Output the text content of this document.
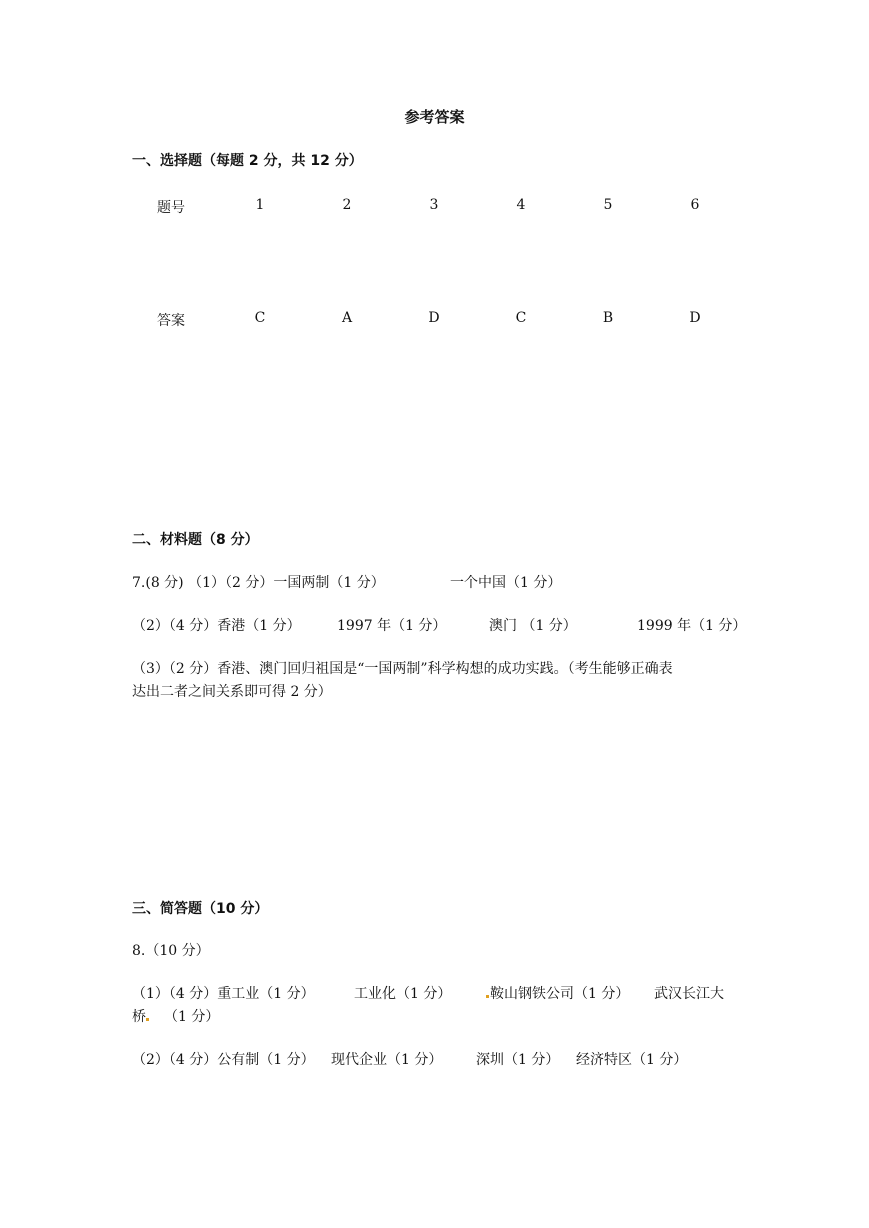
参考答案
一、选择题（每题 2 分，共 12 分）
题号	1	2	3	4	5	6
答案	C	A	D	C	B	D
二、材料题（8 分）
7.(8 分) （1）（2 分）一国两制（1 分）	一个中国（1 分）
（2）（4 分）香港（1 分）	1997 年（1 分）	澳门 （1 分）	1999 年（1 分）
（3）（2 分）香港、澳门回归祖国是“一国两制”科学构想的成功实践。（考生能够正确表
达出二者之间关系即可得 2 分）
三、简答题（10 分）
8.（10 分）
（1）（4 分）重工业（1 分）	工业化（1 分）	鞍山钢铁公司（1 分） 武汉长江大
桥 （1 分）
（2）（4 分）公有制（1 分） 现代企业（1 分） 深圳（1 分） 经济特区（1 分）
